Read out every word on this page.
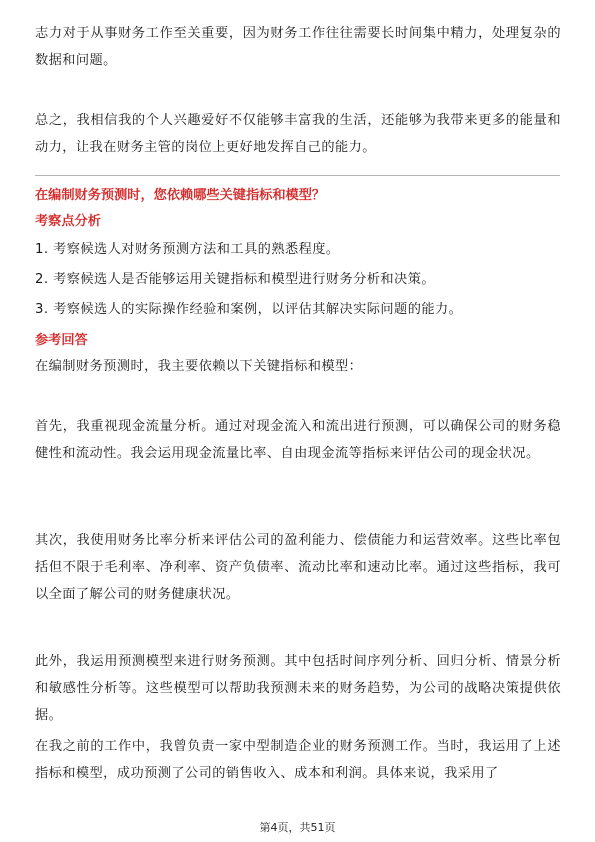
志力对于从事财务工作至关重要，因为财务工作往往需要长时间集中精力，处理复杂的数据和问题。

总之，我相信我的个人兴趣爱好不仅能够丰富我的生活，还能够为我带来更多的能量和动力，让我在财务主管的岗位上更好地发挥自己的能力。

在编制财务预测时，您依赖哪些关键指标和模型？

考察点分析

1. 考察候选人对财务预测方法和工具的熟悉程度。

2. 考察候选人是否能够运用关键指标和模型进行财务分析和决策。

3. 考察候选人的实际操作经验和案例，以评估其解决实际问题的能力。

参考回答

在编制财务预测时，我主要依赖以下关键指标和模型：

首先，我重视现金流量分析。通过对现金流入和流出进行预测，可以确保公司的财务稳健性和流动性。我会运用现金流量比率、自由现金流等指标来评估公司的现金状况。

其次，我使用财务比率分析来评估公司的盈利能力、偿债能力和运营效率。这些比率包括但不限于毛利率、净利率、资产负债率、流动比率和速动比率。通过这些指标，我可以全面了解公司的财务健康状况。

此外，我运用预测模型来进行财务预测。其中包括时间序列分析、回归分析、情景分析和敏感性分析等。这些模型可以帮助我预测未来的财务趋势，为公司的战略决策提供依据。

在我之前的工作中，我曾负责一家中型制造企业的财务预测工作。当时，我运用了上述指标和模型，成功预测了公司的销售收入、成本和利润。具体来说，我采用了

第4页，共51页
